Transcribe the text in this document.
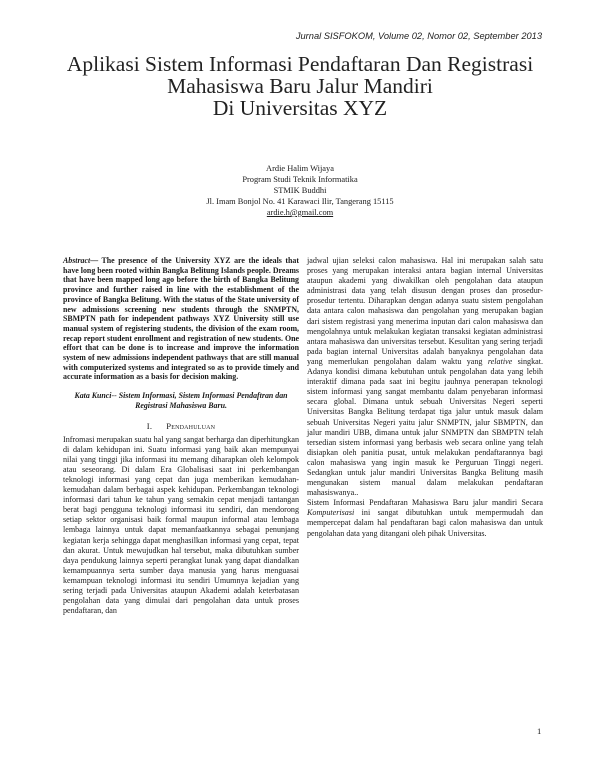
Jurnal SISFOKOM, Volume 02, Nomor 02, September 2013
Aplikasi Sistem Informasi Pendaftaran Dan Registrasi
Mahasiswa Baru Jalur Mandiri
Di Universitas XYZ
Ardie Halim Wijaya
Program Studi Teknik Informatika
STMIK Buddhi
Jl. Imam Bonjol No. 41 Karawaci Ilir, Tangerang 15115
ardie.h@gmail.com

Abstract— The presence of the University XYZ are the ideals that have long been rooted within Bangka Belitung Islands people. Dreams that have been mapped long ago before the birth of Bangka Belitung province and further raised in line with the establishment of the province of Bangka Belitung. With the status of the State university of new admissions screening new students through the SNMPTN, SBMPTN path for independent pathways XYZ University still use manual system of registering students, the division of the exam room, recap report student enrollment and registration of new students. One effort that can be done is to increase and improve the information system of new admissions independent pathways that are still manual with computerized systems and integrated so as to provide timely and accurate information as a basis for decision making.

Kata Kunci-- Sistem Informasi, Sistem Informasi Pendaftran dan Registrasi Mahasiswa Baru.

I. Pendahuluan

Infromasi merupakan suatu hal yang sangat berharga dan diperhitungkan di dalam kehidupan ini. Suatu informasi yang baik akan mempunyai nilai yang tinggi jika informasi itu memang diharapkan oleh kelompok atau seseorang. Di dalam Era Globalisasi saat ini perkembangan teknologi informasi yang cepat dan juga memberikan kemudahan-kemudahan dalam berbagai aspek kehidupan. Perkembangan teknologi informasi dari tahun ke tahun yang semakin cepat menjadi tantangan berat bagi pengguna teknologi informasi itu sendiri, dan mendorong setiap sektor organisasi baik formal maupun informal atau lembaga lembaga lainnya untuk dapat memanfaatkannya sebagai penunjang kegiatan kerja sehingga dapat menghasilkan informasi yang cepat, tepat dan akurat. Untuk mewujudkan hal tersebut, maka dibutuhkan sumber daya pendukung lainnya seperti perangkat lunak yang dapat diandalkan kemampuannya serta sumber daya manusia yang harus menguasai kemampuan teknologi informasi itu sendiri Umumnya kejadian yang sering terjadi pada Universitas ataupun Akademi adalah keterbatasan pengolahan data yang dimulai dari pengolahan data untuk proses pendaftaran, dan

jadwal ujian seleksi calon mahasiswa. Hal ini merupakan salah satu proses yang merupakan interaksi antara bagian internal Universitas ataupun akademi yang diwakilkan oleh pengolahan data ataupun administrasi data yang telah disusun dengan proses dan prosedur-prosedur tertentu. Diharapkan dengan adanya suatu sistem pengolahan data antara calon mahasiswa dan pengolahan yang merupakan bagian dari sistem registrasi yang menerima inputan dari calon mahasiswa dan mengolahnya untuk melakukan kegiatan transaksi kegiatan administrasi antara mahasiswa dan universitas tersebut. Kesulitan yang sering terjadi pada bagian internal Universitas adalah banyaknya pengolahan data yang memerlukan pengolahan dalam waktu yang relative singkat. Adanya kondisi dimana kebutuhan untuk pengolahan data yang lebih interaktif dimana pada saat ini begitu jauhnya penerapan teknologi sistem informasi yang sangat membantu dalam penyebaran informasi secara global. Dimana untuk sebuah Universitas Negeri seperti Universitas Bangka Belitung terdapat tiga jalur untuk masuk dalam sebuah Universitas Negeri yaitu jalur SNMPTN, jalur SBMPTN, dan jalur mandiri UBB, dimana untuk jalur SNMPTN dan SBMPTN telah tersedian sistem informasi yang berbasis web secara online yang telah disiapkan oleh panitia pusat, untuk melakukan pendaftarannya bagi calon mahasiswa yang ingin masuk ke Perguruan Tinggi negeri. Sedangkan untuk jalur mandiri Universitas Bangka Belitung masih mengunakan sistem manual dalam melakukan pendaftaran mahasiswanya..

Sistem Informasi Pendaftaran Mahasiswa Baru jalur mandiri Secara Komputerisasi ini sangat dibutuhkan untuk mempermudah dan mempercepat dalam hal pendaftaran bagi calon mahasiswa dan untuk pengolahan data yang ditangani oleh pihak Universitas.

1
